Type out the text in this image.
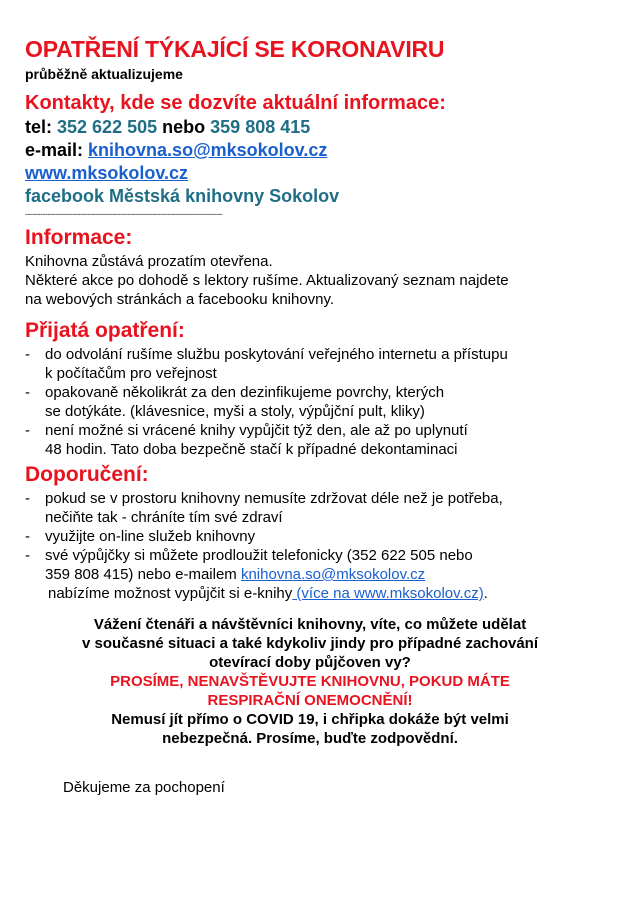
OPATŘENÍ TÝKAJÍCÍ SE KORONAVIRU
průběžně aktualizujeme
Kontakty, kde se dozvíte aktuální informace:
tel: 352 622 505 nebo 359 808 415
e-mail: knihovna.so@mksokolov.cz
www.mksokolov.cz
facebook Městská knihovny Sokolov
-------------------------------------------------------------------------------
Informace:

Knihovna zůstává prozatím otevřena.

Některé akce po dohodě s lektory rušíme. Aktualizovaný seznam najdete

na webových stránkách a facebooku knihovny.

Přijatá opatření:
-	do odvolání rušíme službu poskytování veřejného internetu a přístupu
k počítačům pro veřejnost
-	opakovaně několikrát za den dezinfikujeme povrchy, kterých
se dotýkáte. (klávesnice, myši a stoly, výpůjční pult, kliky)
-	není možné si vrácené knihy vypůjčit týž den, ale až po uplynutí
48 hodin. Tato doba bezpečně stačí k případné dekontaminaci
Doporučení:
-	pokud se v prostoru knihovny nemusíte zdržovat déle než je potřeba,
nečiňte tak - chráníte tím své zdraví
-	využijte on-line služeb knihovny
-	své výpůjčky si můžete prodloužit telefonicky (352 622 505 nebo
359 808 415) nebo e-mailem knihovna.so@mksokolov.cz
nabízíme možnost vypůjčit si e-knihy (více na www.mksokolov.cz).
Vážení čtenáři a návštěvníci knihovny, víte, co můžete udělat
v současné situaci a také kdykoliv jindy pro případné zachování
otevírací doby půjčoven vy?
PROSÍME, NENAVŠTĚVUJTE KNIHOVNU, POKUD MÁTE
RESPIRAČNÍ ONEMOCNĚNÍ!
Nemusí jít přímo o COVID 19, i chřipka dokáže být velmi
nebezpečná. Prosíme, buďte zodpovědní.
Děkujeme za pochopení
